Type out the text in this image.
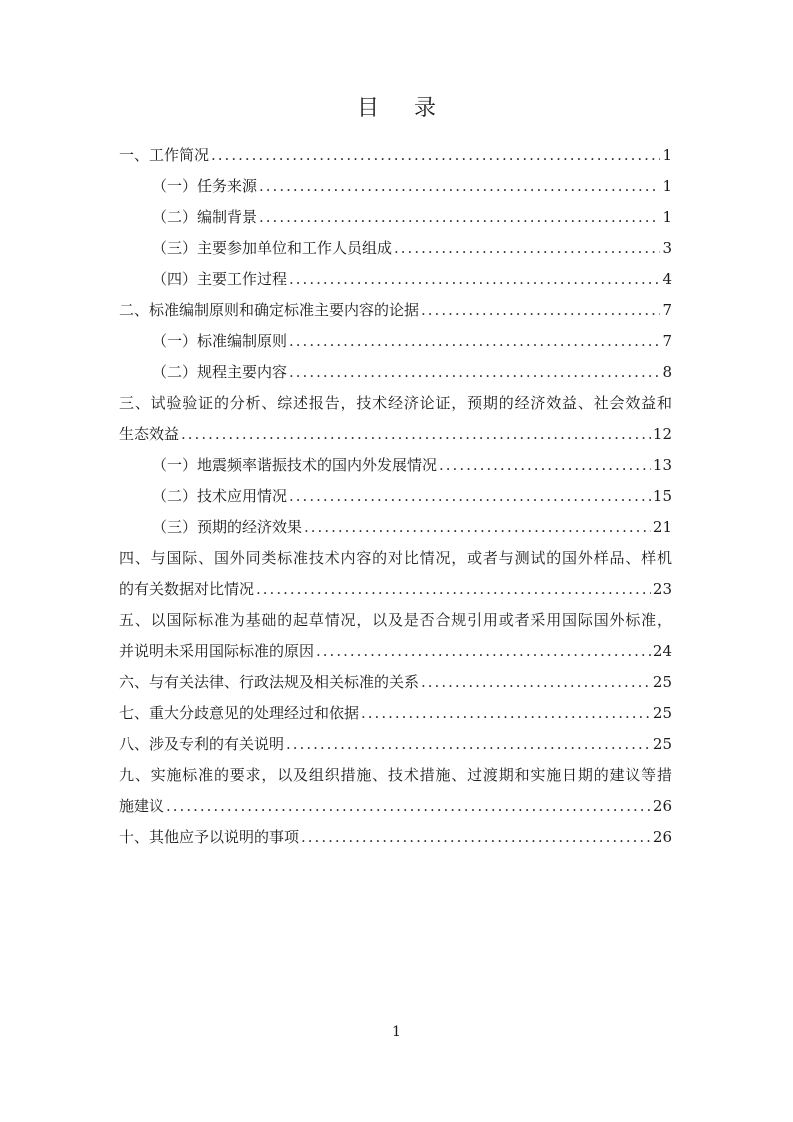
目 录
一、工作简况 .....	1
（一）任务来源 .....	1
（二）编制背景 .....	1
（三）主要参加单位和工作人员组成 .....	3
（四）主要工作过程 .....	4
二、标准编制原则和确定标准主要内容的论据 .....	7
（一）标准编制原则 .....	7
（二）规程主要内容 .....	8
三、试验验证的分析、综述报告，技术经济论证，预期的经济效益、社会效益和
生态效益 .....	12
（一）地震频率谐振技术的国内外发展情况 .....	13
（二）技术应用情况 .....	15
（三）预期的经济效果 .....	21
四、与国际、国外同类标准技术内容的对比情况，或者与测试的国外样品、样机
的有关数据对比情况 .....	23
五、以国际标准为基础的起草情况，以及是否合规引用或者采用国际国外标准，
并说明未采用国际标准的原因 .....	24
六、与有关法律、行政法规及相关标准的关系 .....	25
七、重大分歧意见的处理经过和依据 .....	25
八、涉及专利的有关说明 .....	25
九、实施标准的要求，以及组织措施、技术措施、过渡期和实施日期的建议等措
施建议 .....	26
十、其他应予以说明的事项 .....	26
1
